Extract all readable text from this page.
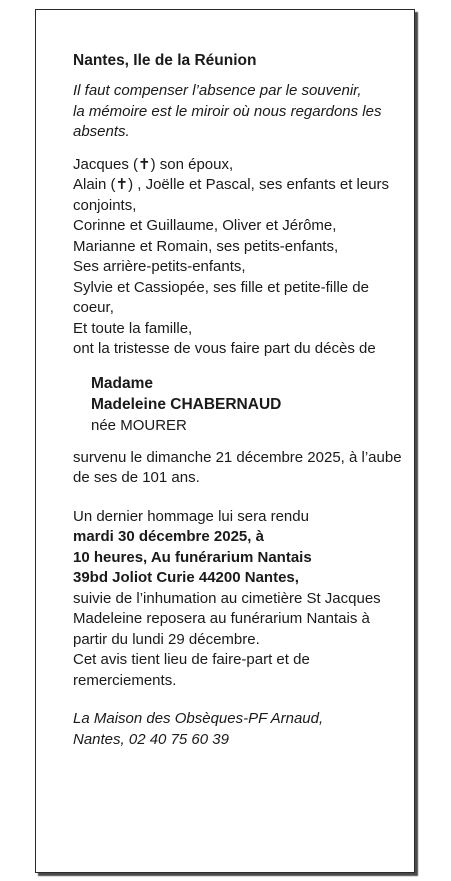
Nantes, Ile de la Réunion
Il faut compenser l’absence par le souvenir,
la mémoire est le miroir où nous regardons les absents.
Jacques (✝) son époux,
Alain (✝) , Joëlle et Pascal, ses enfants et leurs conjoints,
Corinne et Guillaume, Oliver et Jérôme, Marianne et Romain, ses petits-enfants,
Ses arrière-petits-enfants,
Sylvie et Cassiopée, ses fille et petite-fille de coeur,
Et toute la famille,
ont la tristesse de vous faire part du décès de
Madame
Madeleine CHABERNAUD
née MOURER
survenu le dimanche 21 décembre 2025, à l’aube de ses de 101 ans.
Un dernier hommage lui sera rendu
mardi 30 décembre 2025, à
10 heures, Au funérarium Nantais
39bd Joliot Curie 44200 Nantes,
suivie de l’inhumation au cimetière St Jacques
Madeleine reposera au funérarium Nantais à partir du lundi 29 décembre.
Cet avis tient lieu de faire-part et de remerciements.
La Maison des Obsèques-PF Arnaud,
Nantes, 02 40 75 60 39
